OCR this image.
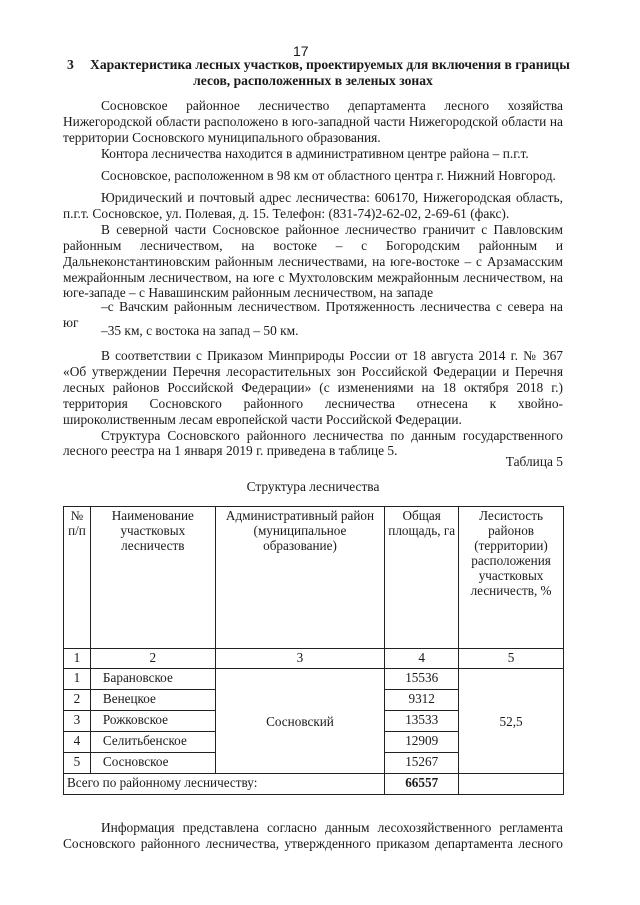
17
3 Характеристика лесных участков, проектируемых для включения в границы
лесов, расположенных в зеленых зонах

Сосновское районное лесничество департамента лесного хозяйства Нижегородской области расположено в юго-западной части Нижегородской области на территории Сосновского муниципального образования.

Контора лесничества находится в административном центре района – п.г.т.

Сосновское, расположенном в 98 км от областного центра г. Нижний Новгород.

Юридический и почтовый адрес лесничества: 606170, Нижегородская область, п.г.т. Сосновское, ул. Полевая, д. 15. Телефон: (831-74)2-62-02, 2-69-61 (факс).

В северной части Сосновское районное лесничество граничит с Павловским районным лесничеством, на востоке – с Богородским районным и Дальнеконстантиновским районным лесничествами, на юге-востоке – с Арзамасским межрайонным лесничеством, на юге с Мухтоловским межрайонным лесничеством, на юге-западе – с Навашинским районным лесничеством, на западе

–с Вачским районным лесничеством. Протяженность лесничества с севера на юг

–35 км, с востока на запад – 50 км.

В соответствии с Приказом Минприроды России от 18 августа 2014 г. № 367 «Об утверждении Перечня лесорастительных зон Российской Федерации и Перечня лесных районов Российской Федерации» (с изменениями на 18 октября 2018 г.) территория Сосновского районного лесничества отнесена к хвойно- широколиственным лесам европейской части Российской Федерации.

Структура Сосновского районного лесничества по данным государственного лесного реестра на 1 января 2019 г. приведена в таблице 5.

Таблица 5
Структура лесничества
№ п/п	Наименование участковых лесничеств	Административный район (муниципальное образование)	Общая площадь, га	Лесистость районов (территории) расположения участковых лесничеств, %
1	2	3	4	5
1	Барановское	Сосновский	15536	52,5
2	Венецкое		9312	
3	Рожковское		13533	
4	Селитьбенское		12909	
5	Сосновское		15267	
Всего по районному лесничеству:			66557	

Информация представлена согласно данным лесохозяйственного регламента Сосновского районного лесничества, утвержденного приказом департамента лесного
